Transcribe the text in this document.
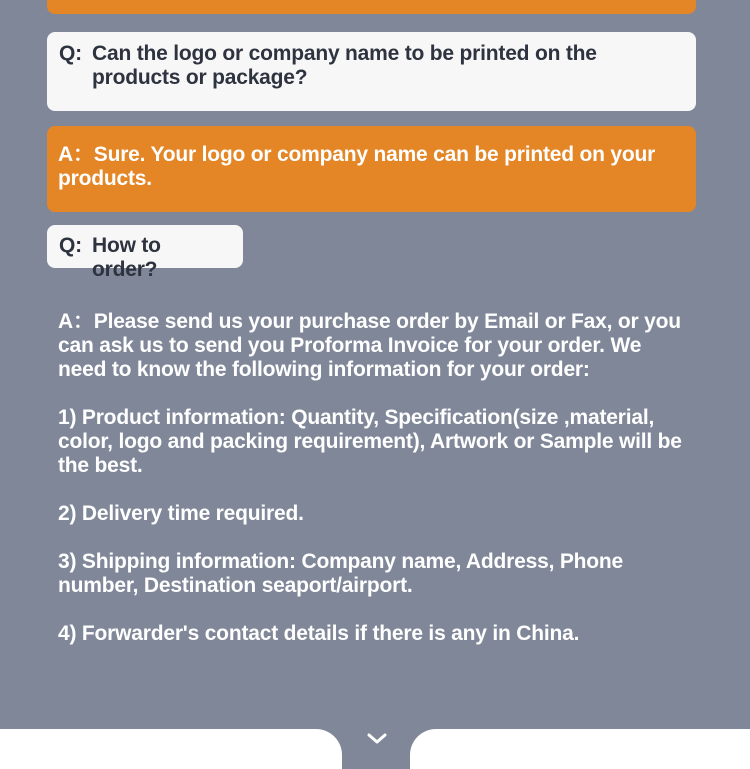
Q: Can the logo or company name to be printed on the products or package?
A：Sure. Your logo or company name can be printed on your products.
Q: How to order?

A：Please send us your purchase order by Email or Fax, or you can ask us to send you Proforma Invoice for your order. We need to know the following information for your order:

1) Product information: Quantity, Specification(size ,material, color, logo and packing requirement), Artwork or Sample will be the best.

2) Delivery time required.

3) Shipping information: Company name, Address, Phone number, Destination seaport/airport.

4) Forwarder's contact details if there is any in China.
